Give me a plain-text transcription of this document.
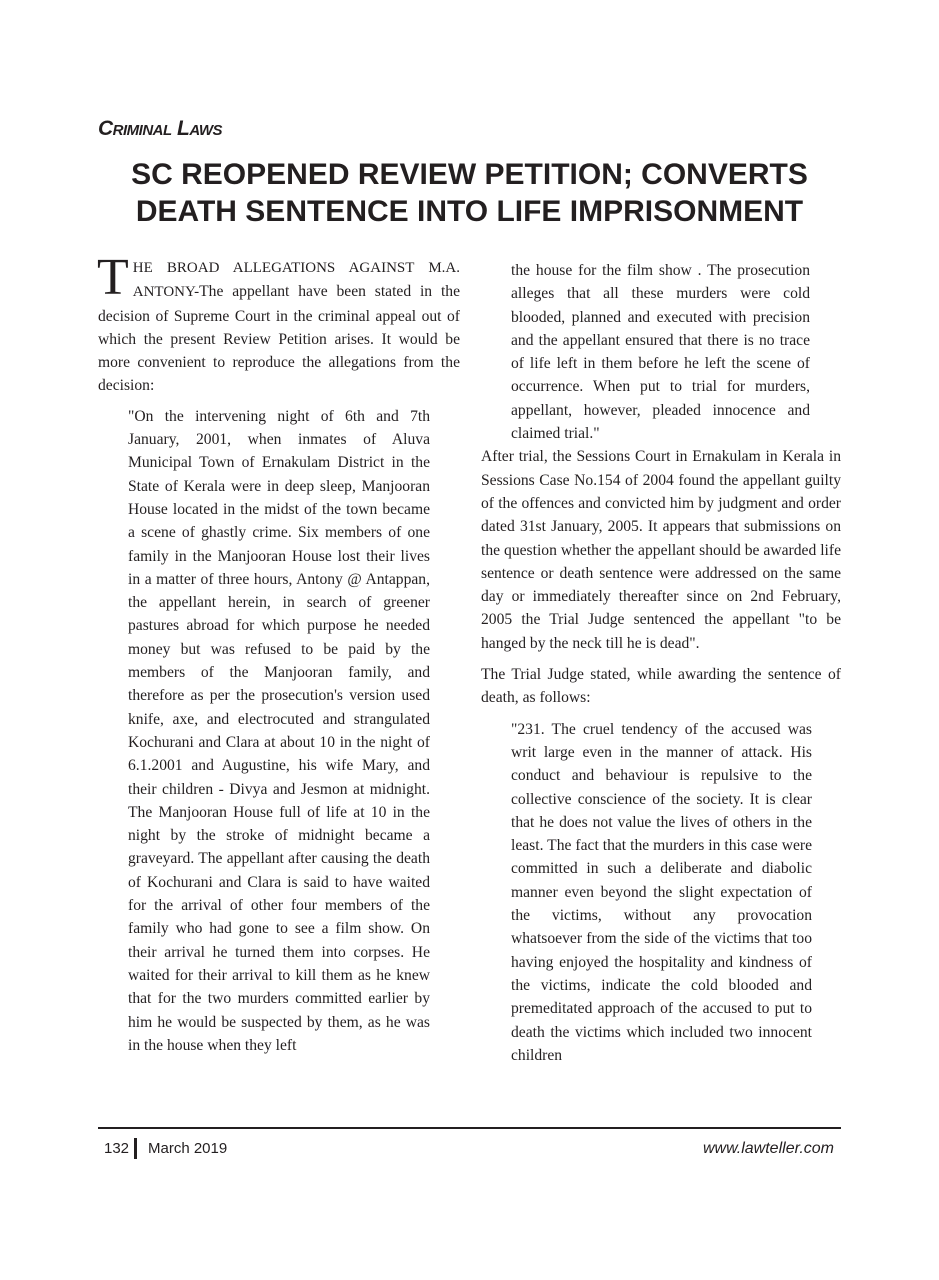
Criminal Laws
SC REOPENED REVIEW PETITION; CONVERTS
DEATH SENTENCE INTO LIFE IMPRISONMENT

THE BROAD ALLEGATIONS AGAINST M.A. ANTONY-The appellant have been stated in the decision of Supreme Court in the criminal appeal out of which the present Review Petition arises. It would be more convenient to reproduce the allegations from the decision:

"On the intervening night of 6th and 7th January, 2001, when inmates of Aluva Municipal Town of Ernakulam District in the State of Kerala were in deep sleep, Manjooran House located in the midst of the town became a scene of ghastly crime. Six members of one family in the Manjooran House lost their lives in a matter of three hours, Antony @ Antappan, the appellant herein, in search of greener pastures abroad for which purpose he needed money but was refused to be paid by the members of the Manjooran family, and therefore as per the prosecution's version used knife, axe, and electrocuted and strangulated Kochurani and Clara at about 10 in the night of 6.1.2001 and Augustine, his wife Mary, and their children - Divya and Jesmon at midnight. The Manjooran House full of life at 10 in the night by the stroke of midnight became a graveyard. The appellant after causing the death of Kochurani and Clara is said to have waited for the arrival of other four members of the family who had gone to see a film show. On their arrival he turned them into corpses. He waited for their arrival to kill them as he knew that for the two murders committed earlier by him he would be suspected by them, as he was in the house when they left

the house for the film show . The prosecution alleges that all these murders were cold blooded, planned and executed with precision and the appellant ensured that there is no trace of life left in them before he left the scene of occurrence. When put to trial for murders, appellant, however, pleaded innocence and claimed trial."

After trial, the Sessions Court in Ernakulam in Kerala in Sessions Case No.154 of 2004 found the appellant guilty of the offences and convicted him by judgment and order dated 31st January, 2005. It appears that submissions on the question whether the appellant should be awarded life sentence or death sentence were addressed on the same day or immediately thereafter since on 2nd February, 2005 the Trial Judge sentenced the appellant "to be hanged by the neck till he is dead".

The Trial Judge stated, while awarding the sentence of death, as follows:

"231. The cruel tendency of the accused was writ large even in the manner of attack. His conduct and behaviour is repulsive to the collective conscience of the society. It is clear that he does not value the lives of others in the least. The fact that the murders in this case were committed in such a deliberate and diabolic manner even beyond the slight expectation of the victims, without any provocation whatsoever from the side of the victims that too having enjoyed the hospitality and kindness of the victims, indicate the cold blooded and premeditated approach of the accused to put to death the victims which included two innocent children

132 March 2019	www.lawteller.com
